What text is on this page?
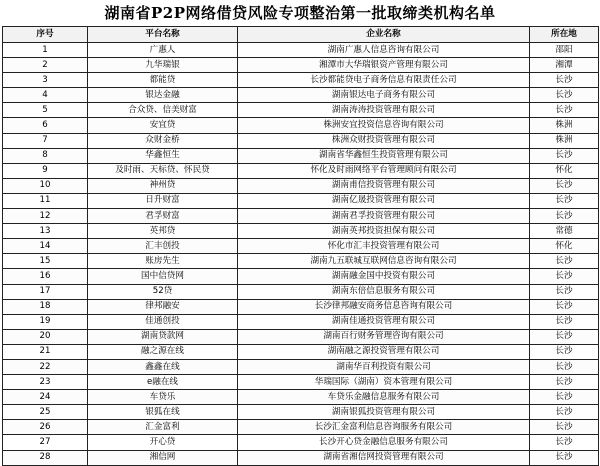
湖南省P2P网络借贷风险专项整治第一批取缔类机构名单
序号	平台名称	企业名称	所在地
1	广惠人	湖南广惠人信息咨询有限公司	邵阳
2	九华瑞银	湘潭市大华瑞银资产管理有限公司	湘潭
3	都能贷	长沙都能贷电子商务信息有限责任公司	长沙
4	银达金融	湖南银达电子商务有限公司	长沙
5	合众贷、信美财富	湖南涛涛投资管理有限公司	长沙
6	安宜贷	株洲安宜投资信息咨询有限公司	株洲
7	众财金桥	株洲众财投资管理有限公司	株洲
8	华鑫恒生	湖南省华鑫恒生投资管理有限公司	长沙
9	及时雨、天标贷、怀民贷	怀化及时雨网络平台管理顾问有限公司	怀化
10	神州贷	湖南甫信投资管理有限公司	长沙
11	日升财富	湖南亿晟投资管理有限公司	长沙
12	君孚财富	湖南君孚投资管理有限公司	长沙
13	英邦贷	湖南英邦投资担保有限公司	常德
14	汇丰创投	怀化市汇丰投资管理有限公司	怀化
15	账房先生	湖南九五联城互联网信息咨询有限公司	长沙
16	国中信贷网	湖南融金国中投资有限公司	长沙
17	52贷	湖南东倍信息服务有限公司	长沙
18	律邦融安	长沙律邦融安商务信息咨询有限公司	长沙
19	佳通创投	湖南佳通投资管理有限公司	长沙
20	湖南贷款网	湖南百行财务管理咨询有限公司	长沙
21	融之源在线	湖南融之源投资管理有限公司	长沙
22	鑫鑫在线	湖南华百利投资有限公司	长沙
23	e融在线	华瑞国际（湖南）资本管理有限公司	长沙
24	车贷乐	车贷乐金融信息服务有限公司	长沙
25	银狐在线	湖南银狐投资管理有限公司	长沙
26	汇金富利	长沙汇金富利信息咨询服务有限公司	长沙
27	开心贷	长沙开心贷金融信息服务有限公司	长沙
28	湘信网	湖南省湘信网投资管理有限公司	长沙
